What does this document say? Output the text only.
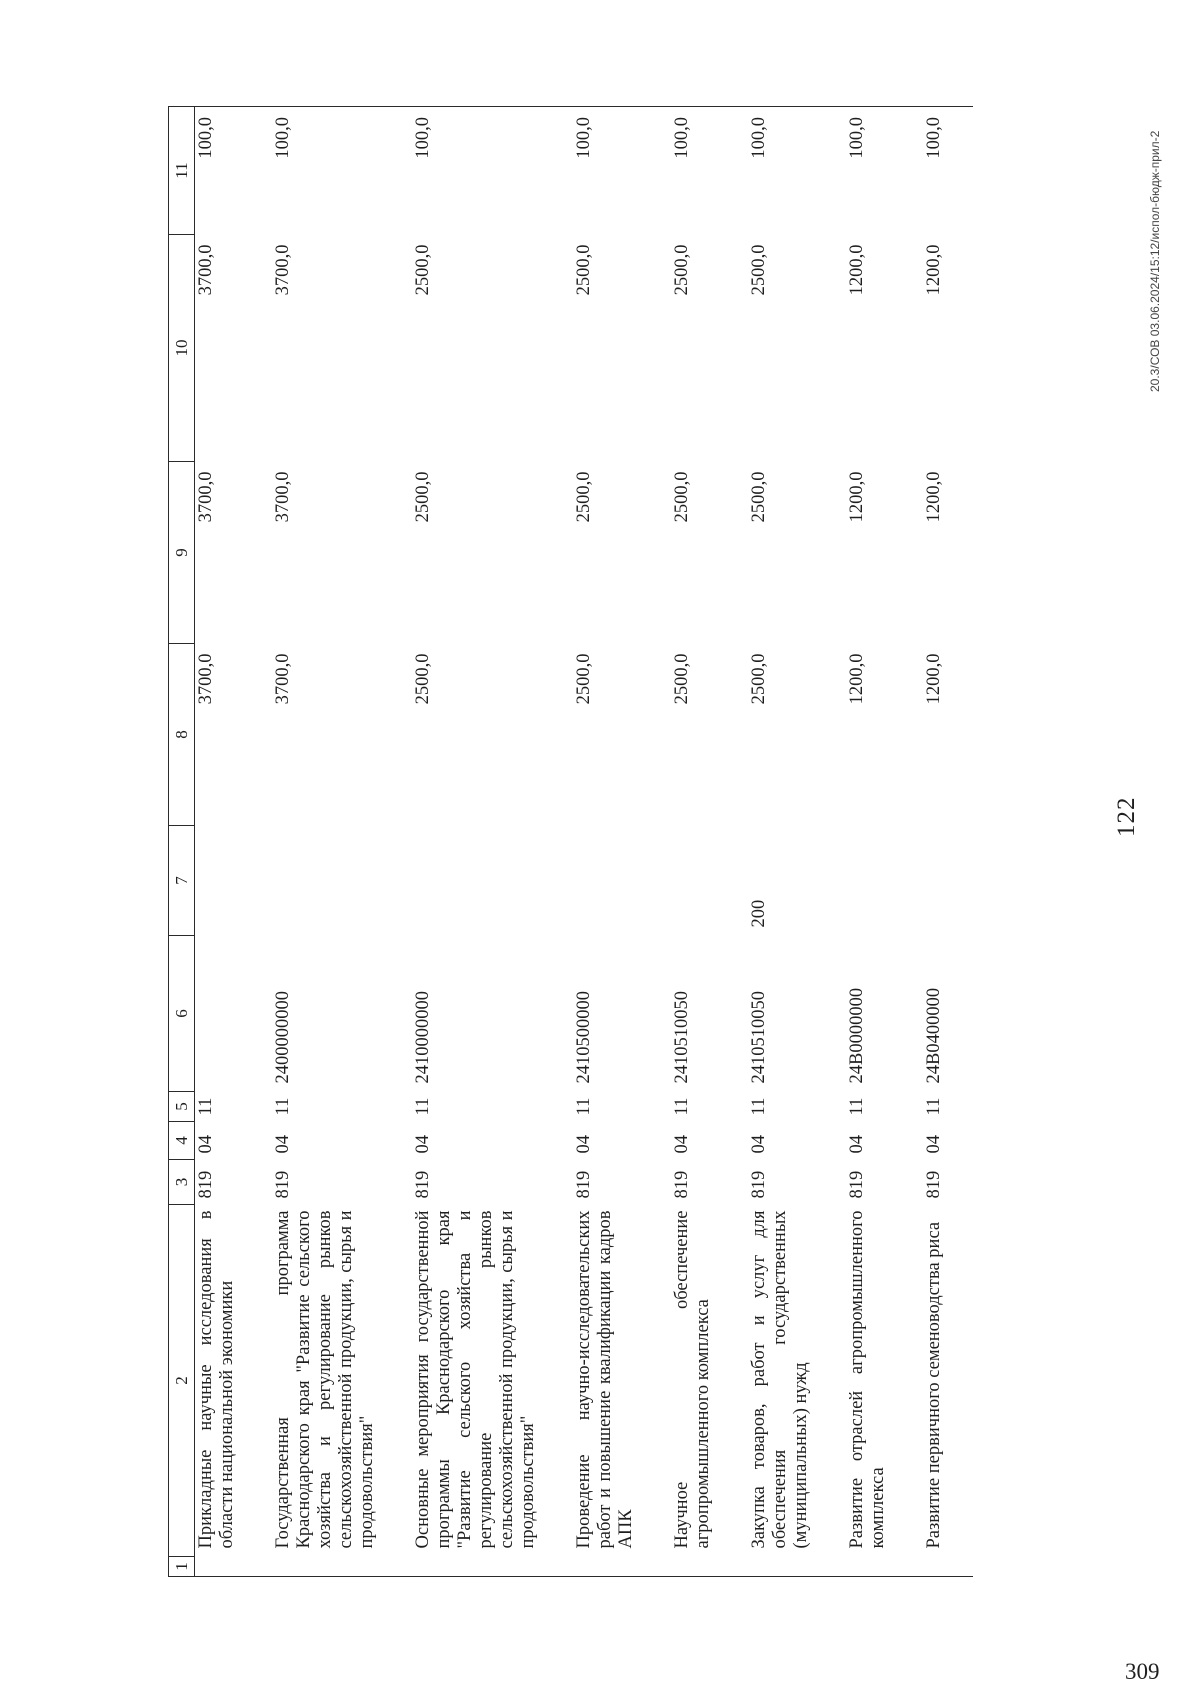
122
1	2	3	4	5	6	7	8	9	10	11
	Прикладные научные исследования в области национальной экономики	819	04	11			3700,0	3700,0	3700,0	100,0
	Государственная программа Краснодарского края "Развитие сельского хозяйства и регулирование рынков сельскохозяйственной продукции, сырья и продовольствия"	819	04	11	2400000000		3700,0	3700,0	3700,0	100,0
	Основные мероприятия государственной программы Краснодарского края "Развитие сельского хозяйства и регулирование рынков сельскохозяйственной продукции, сырья и продовольствия"	819	04	11	2410000000		2500,0	2500,0	2500,0	100,0
	Проведение научно-исследовательских работ и повышение квалификации кадров АПК	819	04	11	2410500000		2500,0	2500,0	2500,0	100,0
	Научное обеспечение агропромышленного комплекса	819	04	11	2410510050		2500,0	2500,0	2500,0	100,0
	Закупка товаров, работ и услуг для обеспечения государственных (муниципальных) нужд	819	04	11	2410510050	200	2500,0	2500,0	2500,0	100,0
	Развитие отраслей агропромышленного комплекса	819	04	11	24В0000000		1200,0	1200,0	1200,0	100,0
	Развитие первичного семеноводства риса	819	04	11	24В0400000		1200,0	1200,0	1200,0	100,0	20.3/СОВ 03.06.2024/15:12/испол-бюдж-прил-2
309
